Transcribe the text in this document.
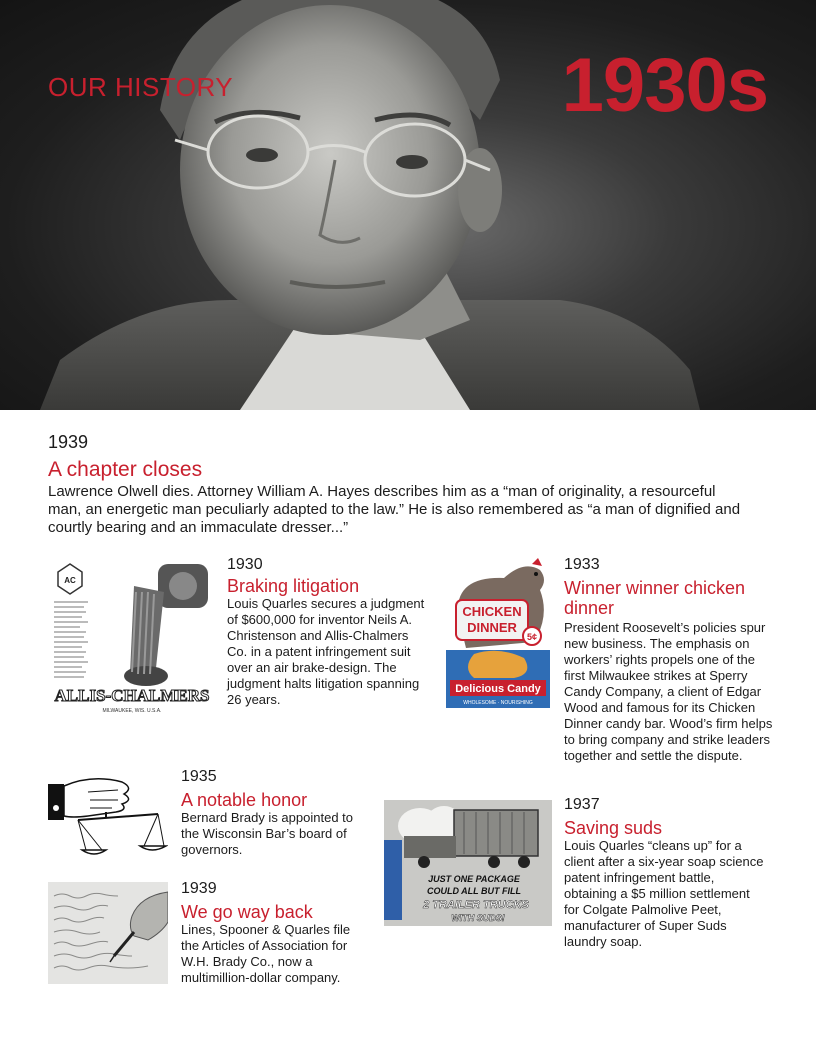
OUR HISTORY	1930s
1939
A chapter closes
Lawrence Olwell dies. Attorney William A. Hayes describes him as a “man of originality, a resourceful man, an energetic man peculiarly adapted to the law.” He is also remembered as “a man of dignified and courtly bearing and an immaculate dresser...”
AC
ALLIS-CHALMERS
MILWAUKEE, WIS. U.S.A.
1930
Braking litigation
Louis Quarles secures a judgment of $600,000 for inventor Neils A. Christenson and Allis-Chalmers Co. in a patent infringement suit over an air brake-design. The judgment halts litigation spanning 26 years.
CHICKEN
DINNER
5¢
Delicious Candy
WHOLESOME · NOURISHING
1933
Winner winner chicken dinner
President Roosevelt’s policies spur new business. The emphasis on workers’ rights propels one of the first Milwaukee strikes at Sperry Candy Company, a client of Edgar Wood and famous for its Chicken Dinner candy bar. Wood’s firm helps to bring company and strike leaders together and settle the dispute.
1935
A notable honor
Bernard Brady is appointed to the Wisconsin Bar’s board of governors.
JUST ONE PACKAGE
COULD ALL BUT FILL
2 TRAILER TRUCKS
WITH SUDS!
1937
Saving suds
Louis Quarles “cleans up” for a client after a six-year soap science patent infringement battle, obtaining a $5 million settlement for Colgate Palmolive Peet, manufacturer of Super Suds laundry soap.
1939
We go way back
Lines, Spooner & Quarles file the Articles of Association for W.H. Brady Co., now a multimillion-dollar company.
